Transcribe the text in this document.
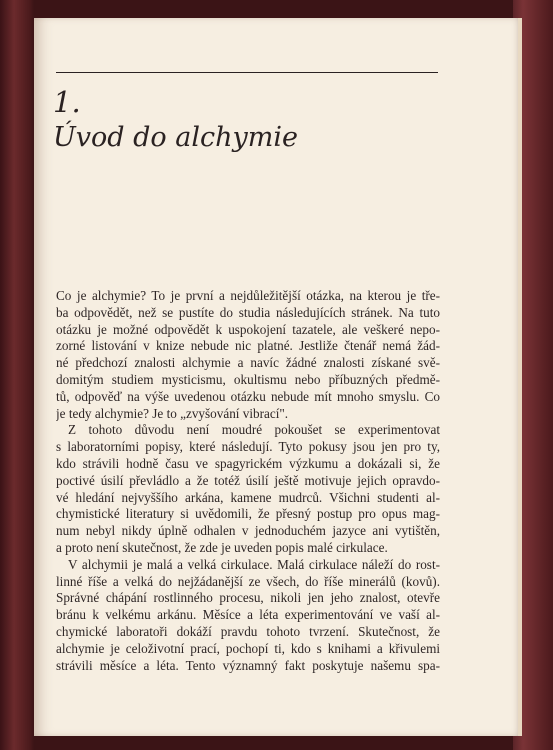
1.
Úvod do alchymie
Co je alchymie? To je první a nejdůležitější otázka, na kterou je tře-
ba odpovědět, než se pustíte do studia následujících stránek. Na tuto
otázku je možné odpovědět k uspokojení tazatele, ale veškeré nepo-
zorné listování v knize nebude nic platné. Jestliže čtenář nemá žád-
né předchozí znalosti alchymie a navíc žádné znalosti získané svě-
domitým studiem mysticismu, okultismu nebo příbuzných předmě-
tů, odpověď na výše uvedenou otázku nebude mít mnoho smyslu. Co
je tedy alchymie? Je to „zvyšování vibrací".
Z tohoto důvodu není moudré pokoušet se experimentovat
s laboratorními popisy, které následují. Tyto pokusy jsou jen pro ty,
kdo strávili hodně času ve spagyrickém výzkumu a dokázali si, že
poctivé úsilí převládlo a že totéž úsilí ještě motivuje jejich opravdo-
vé hledání nejvyššího arkána, kamene mudrců. Všichni studenti al-
chymistické literatury si uvědomili, že přesný postup pro opus mag-
num nebyl nikdy úplně odhalen v jednoduchém jazyce ani vytištěn,
a proto není skutečnost, že zde je uveden popis malé cirkulace.
V alchymii je malá a velká cirkulace. Malá cirkulace náleží do rost-
linné říše a velká do nejžádanější ze všech, do říše minerálů (kovů).
Správné chápání rostlinného procesu, nikoli jen jeho znalost, otevře
bránu k velkému arkánu. Měsíce a léta experimentování ve vaší al-
chymické laboratoři dokáží pravdu tohoto tvrzení. Skutečnost, že
alchymie je celoživotní prací, pochopí ti, kdo s knihami a křivulemi
strávili měsíce a léta. Tento významný fakt poskytuje našemu spa-
